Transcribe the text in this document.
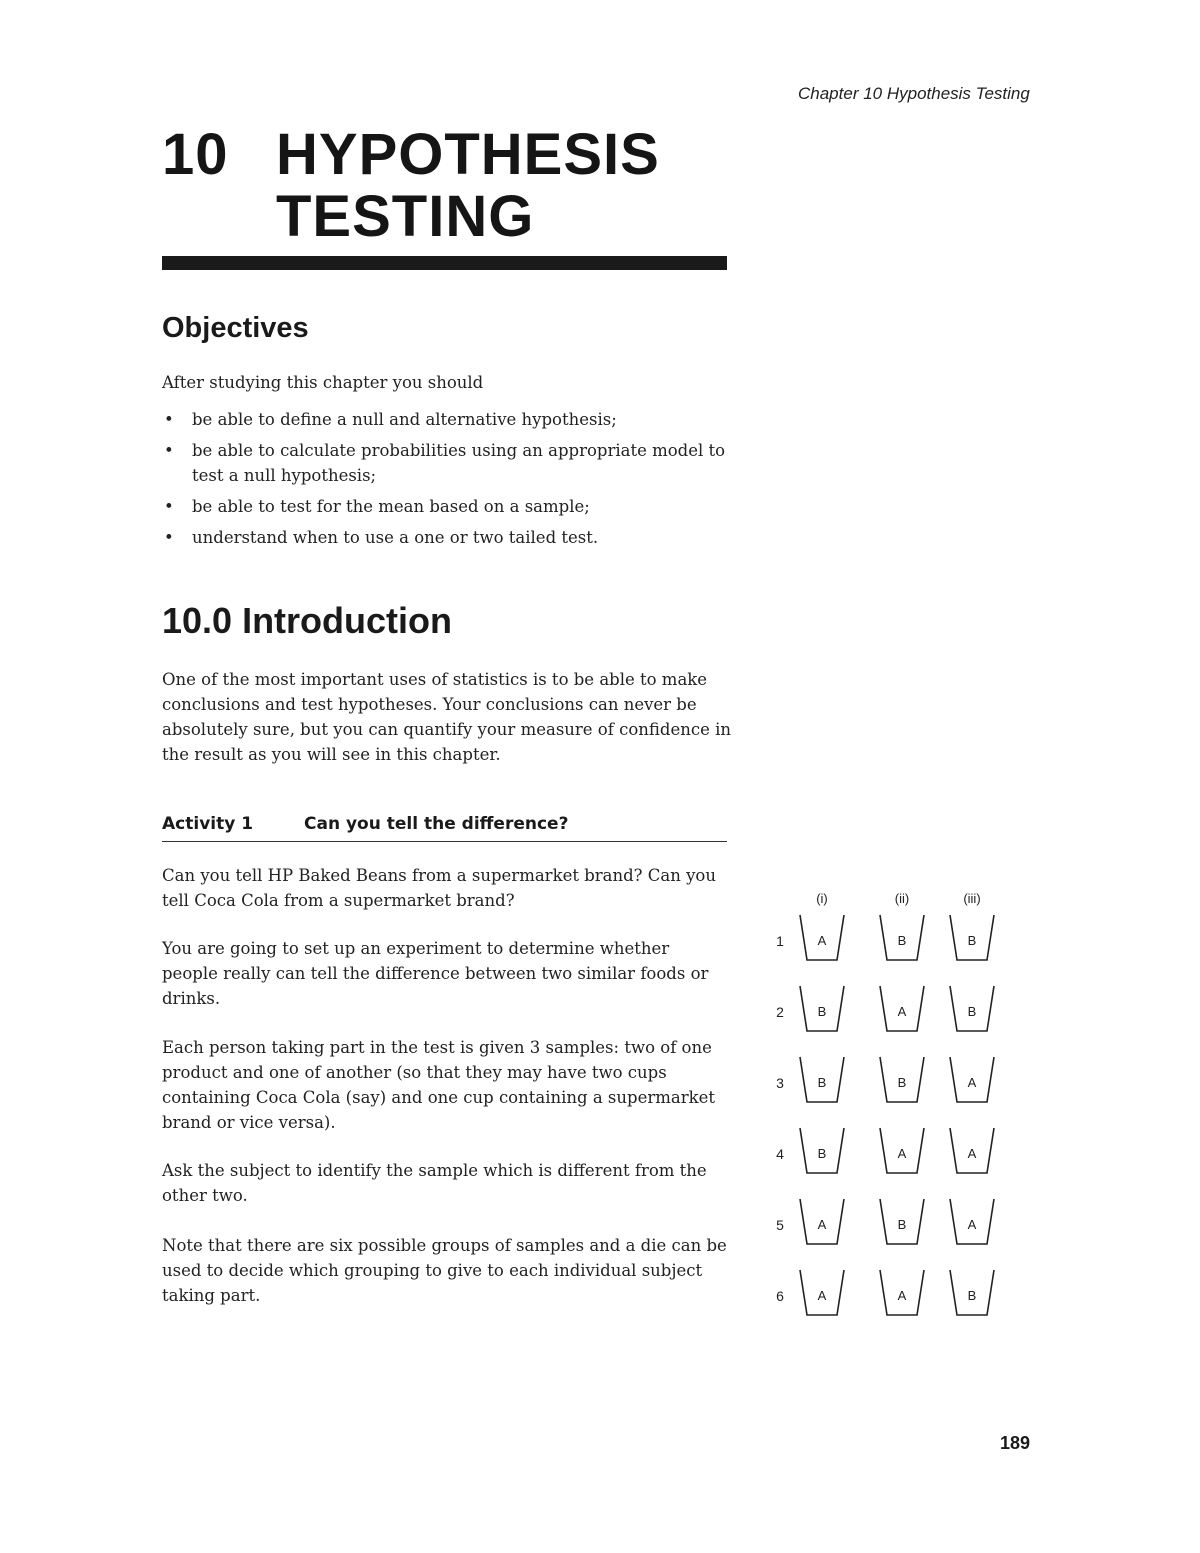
Chapter 10 Hypothesis Testing
10 HYPOTHESIS
TESTING
Objectives
After studying this chapter you should
• be able to define a null and alternative hypothesis;
• be able to calculate probabilities using an appropriate model to test a null hypothesis;
• be able to test for the mean based on a sample;
• understand when to use a one or two tailed test.
10.0 Introduction
One of the most important uses of statistics is to be able to make conclusions and test hypotheses. Your conclusions can never be absolutely sure, but you can quantify your measure of confidence in the result as you will see in this chapter.
Activity 1	Can you tell the difference?
Can you tell HP Baked Beans from a supermarket brand? Can you tell Coca Cola from a supermarket brand?
You are going to set up an experiment to determine whether people really can tell the difference between two similar foods or drinks.
Each person taking part in the test is given 3 samples: two of one product and one of another (so that they may have two cups containing Coca Cola (say) and one cup containing a supermarket brand or vice versa).
Ask the subject to identify the sample which is different from the other two.
Note that there are six possible groups of samples and a die can be used to decide which grouping to give to each individual subject taking part.
(i)	(ii)	(iii)
1	A	B	B
2	B	A	B
3	B	B	A
4	B	A	A
5	A	B	A
6	A	A	B
189
